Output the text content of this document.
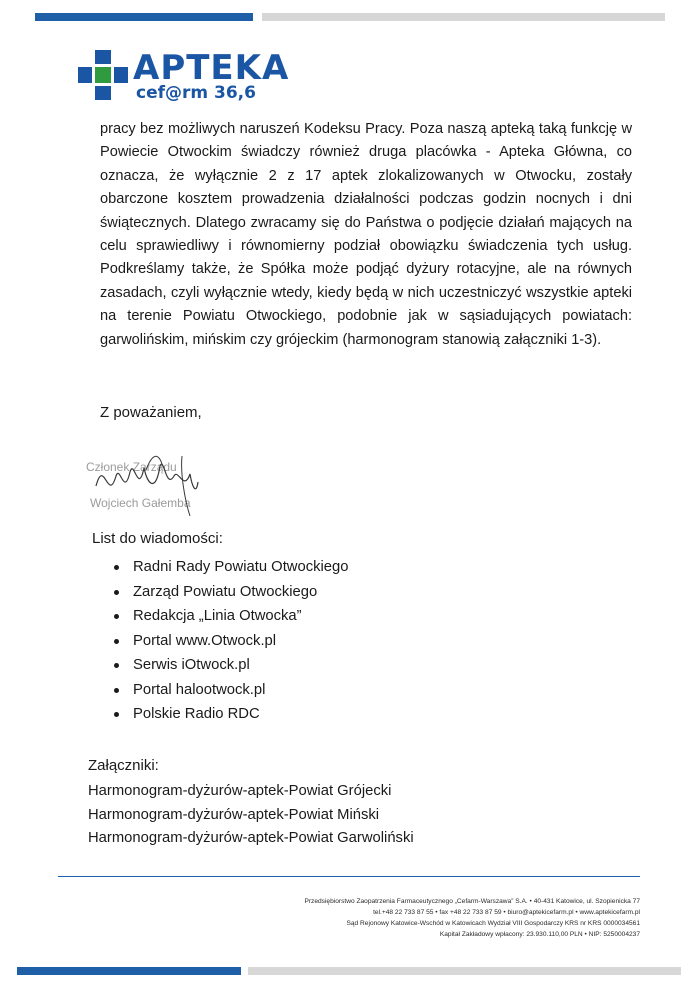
APTEKA
cef@rm 36,6

pracy bez możliwych naruszeń Kodeksu Pracy. Poza naszą apteką taką funkcję w Powiecie Otwockim świadczy również druga placówka - Apteka Główna, co oznacza, że wyłącznie 2 z 17 aptek zlokalizowanych w Otwocku, zostały obarczone kosztem prowadzenia działalności podczas godzin nocnych i dni świątecznych. Dlatego zwracamy się do Państwa o podjęcie działań mających na celu sprawiedliwy i równomierny podział obowiązku świadczenia tych usług. Podkreślamy także, że Spółka może podjąć dyżury rotacyjne, ale na równych zasadach, czyli wyłącznie wtedy, kiedy będą w nich uczestniczyć wszystkie apteki na terenie Powiatu Otwockiego, podobnie jak w sąsiadujących powiatach: garwolińskim, mińskim czy grójeckim (harmonogram stanowią załączniki 1-3).

Z poważaniem,

Członek Zarządu
Wojciech Gałemba

List do wiadomości:

Radni Rady Powiatu Otwockiego
Zarząd Powiatu Otwockiego
Redakcja „Linia Otwocka”
Portal www.Otwock.pl
Serwis iOtwock.pl
Portal halootwock.pl
Polskie Radio RDC

Załączniki:

Harmonogram-dyżurów-aptek-Powiat Grójecki
Harmonogram-dyżurów-aptek-Powiat Miński
Harmonogram-dyżurów-aptek-Powiat Garwoliński
Przedsiębiorstwo Zaopatrzenia Farmaceutycznego „Cefarm-Warszawa” S.A. • 40-431 Katowice, ul. Szopienicka 77
tel.+48 22 733 87 55 • fax +48 22 733 87 59 • biuro@aptekicefarm.pl • www.aptekicefarm.pl
Sąd Rejonowy Katowice-Wschód w Katowicach Wydział VIII Gospodarczy KRS nr KRS 0000034561
Kapitał Zakładowy wpłacony: 23.930.110,00 PLN • NIP: 5250004237
